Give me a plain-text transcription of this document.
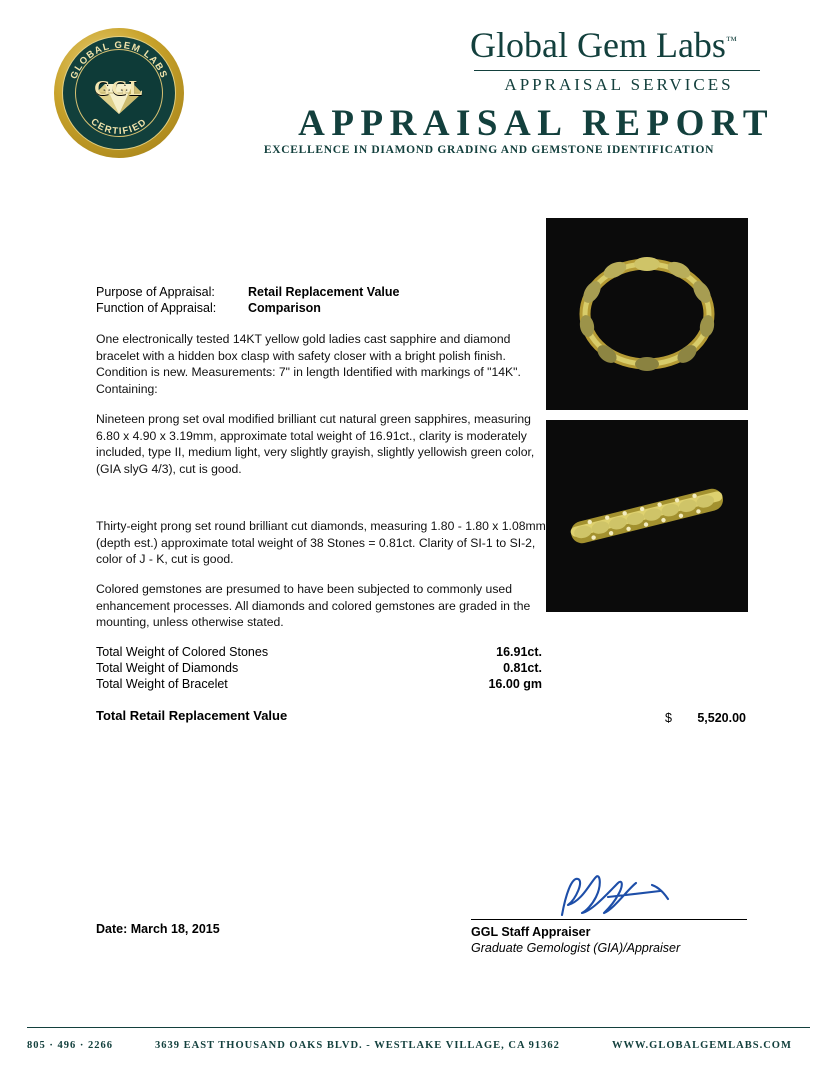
GLOBAL GEM LABS
CERTIFIED
GGL
Global Gem Labs™
APPRAISAL SERVICES
APPRAISAL REPORT
EXCELLENCE IN DIAMOND GRADING AND GEMSTONE IDENTIFICATION
Purpose of Appraisal:	Retail Replacement Value
Function of Appraisal:	Comparison
One electronically tested 14KT yellow gold ladies cast sapphire and diamond bracelet with a hidden box clasp with safety closer with a bright polish finish. Condition is new. Measurements: 7" in length Identified with markings of "14K". Containing:
Nineteen prong set oval modified brilliant cut natural green sapphires, measuring 6.80 x 4.90 x 3.19mm, approximate total weight of 16.91ct., clarity is moderately included, type II, medium light, very slightly grayish, slightly yellowish green color, (GIA slyG 4/3), cut is good.
Thirty-eight prong set round brilliant cut diamonds, measuring 1.80 - 1.80 x 1.08mm (depth est.) approximate total weight of 38 Stones = 0.81ct. Clarity of SI-1 to SI-2, color of J - K, cut is good.
Colored gemstones are presumed to have been subjected to commonly used enhancement processes. All diamonds and colored gemstones are graded in the mounting, unless otherwise stated.
Total Weight of Colored Stones	16.91ct.
Total Weight of Diamonds	0.81ct.
Total Weight of Bracelet	16.00 gm
Total Retail Replacement Value	$	5,520.00
GGL Staff Appraiser
Graduate Gemologist (GIA)/Appraiser
Date: March 18, 2015
805 · 496 · 2266	3639 EAST THOUSAND OAKS BLVD. - WESTLAKE VILLAGE, CA 91362	WWW.GLOBALGEMLABS.COM
